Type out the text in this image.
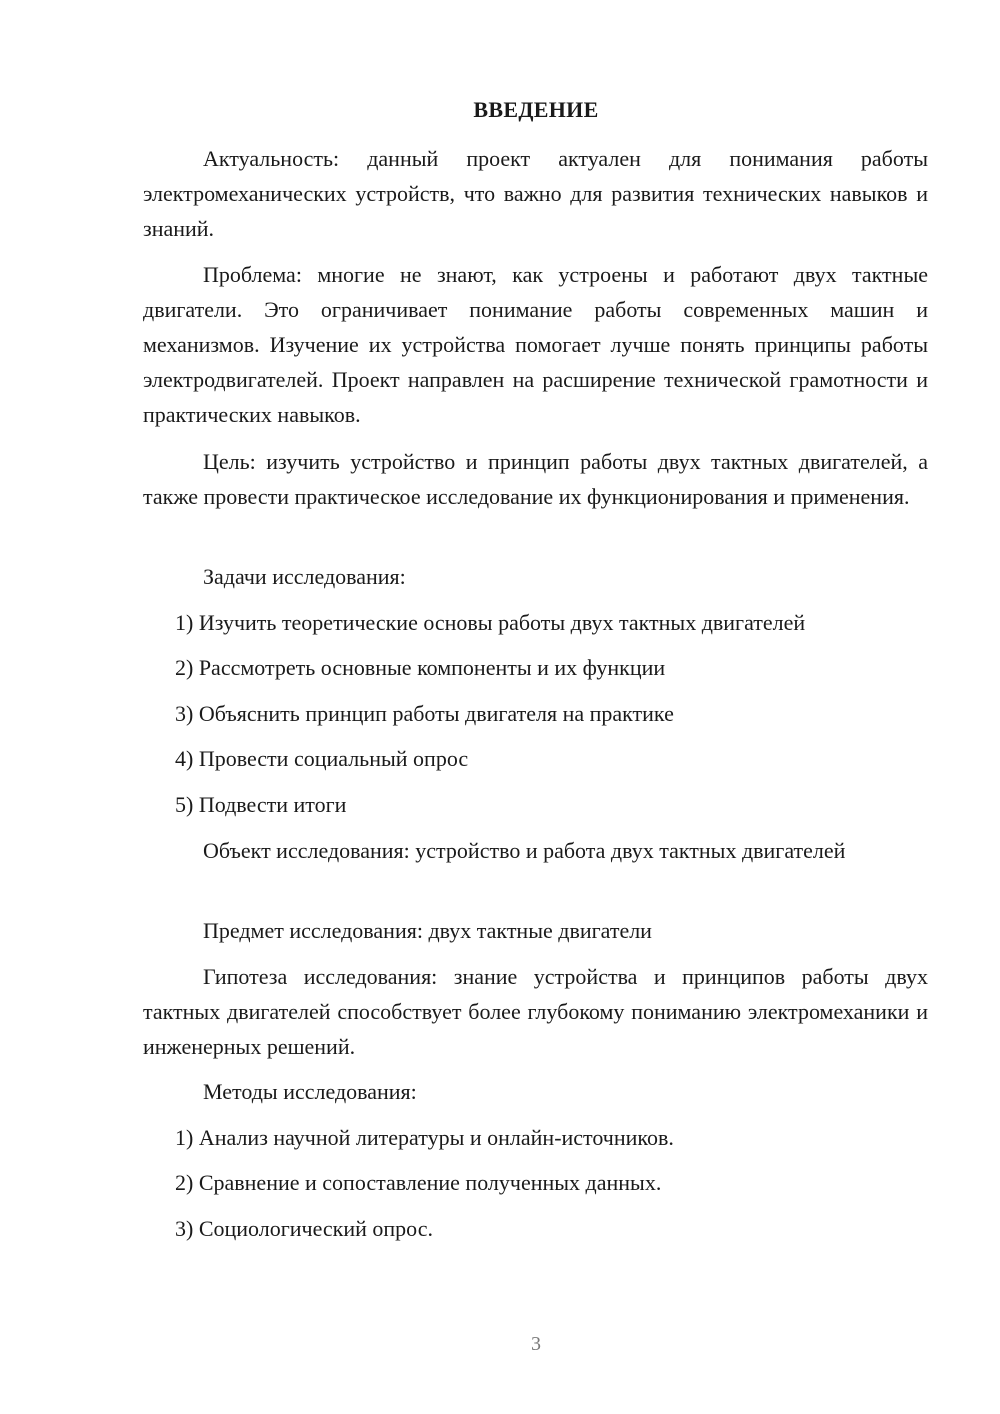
ВВЕДЕНИЕ

Актуальность: данный проект актуален для понимания работы электромеханических устройств, что важно для развития технических навыков и знаний.

Проблема: многие не знают, как устроены и работают двух тактные двигатели. Это ограничивает понимание работы современных машин и механизмов. Изучение их устройства помогает лучше понять принципы работы электродвигателей. Проект направлен на расширение технической грамотности и практических навыков.

Цель: изучить устройство и принцип работы двух тактных двигателей, а также провести практическое исследование их функционирования и применения.

Задачи исследования:

1) Изучить теоретические основы работы двух тактных двигателей

2) Рассмотреть основные компоненты и их функции

3) Объяснить принцип работы двигателя на практике

4) Провести социальный опрос

5) Подвести итоги

Объект исследования: устройство и работа двух тактных двигателей

Предмет исследования: двух тактные двигатели

Гипотеза исследования: знание устройства и принципов работы двух тактных двигателей способствует более глубокому пониманию электромеханики и инженерных решений.

Методы исследования:

1) Анализ научной литературы и онлайн-источников.

2) Сравнение и сопоставление полученных данных.

3) Социологический опрос.

3
